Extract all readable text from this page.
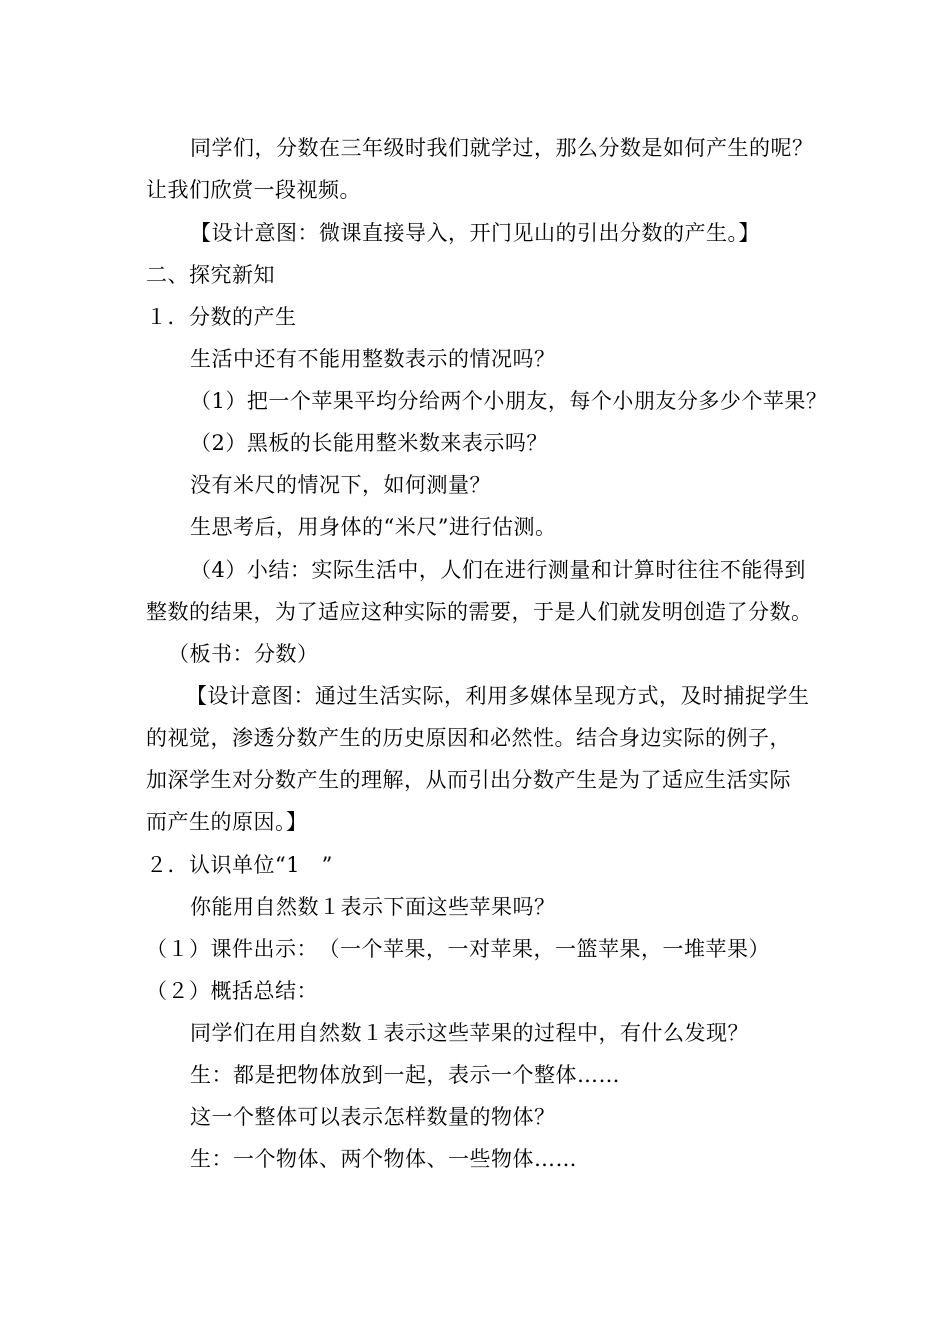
同学们，分数在三年级时我们就学过，那么分数是如何产生的呢？
让我们欣赏一段视频。
【设计意图：微课直接导入，开门见山的引出分数的产生。】
二、探究新知
１．分数的产生
生活中还有不能用整数表示的情况吗？
（1）把一个苹果平均分给两个小朋友，每个小朋友分多少个苹果？
（2）黑板的长能用整米数来表示吗？
没有米尺的情况下，如何测量？
生思考后，用身体的“米尺”进行估测。
（4）小结：实际生活中，人们在进行测量和计算时往往不能得到
整数的结果，为了适应这种实际的需要，于是人们就发明创造了分数。
（板书：分数）
【设计意图：通过生活实际，利用多媒体呈现方式，及时捕捉学生
的视觉，渗透分数产生的历史原因和必然性。结合身边实际的例子，
加深学生对分数产生的理解，从而引出分数产生是为了适应生活实际
而产生的原因。】
２．认识单位“1　”
你能用自然数１表示下面这些苹果吗？
（１）课件出示：　（一个苹果，一对苹果，一篮苹果，一堆苹果）
（２）概括总结：
同学们在用自然数１表示这些苹果的过程中，有什么发现？
生：都是把物体放到一起，表示一个整体……
这一个整体可以表示怎样数量的物体？
生：一个物体、两个物体、一些物体……
